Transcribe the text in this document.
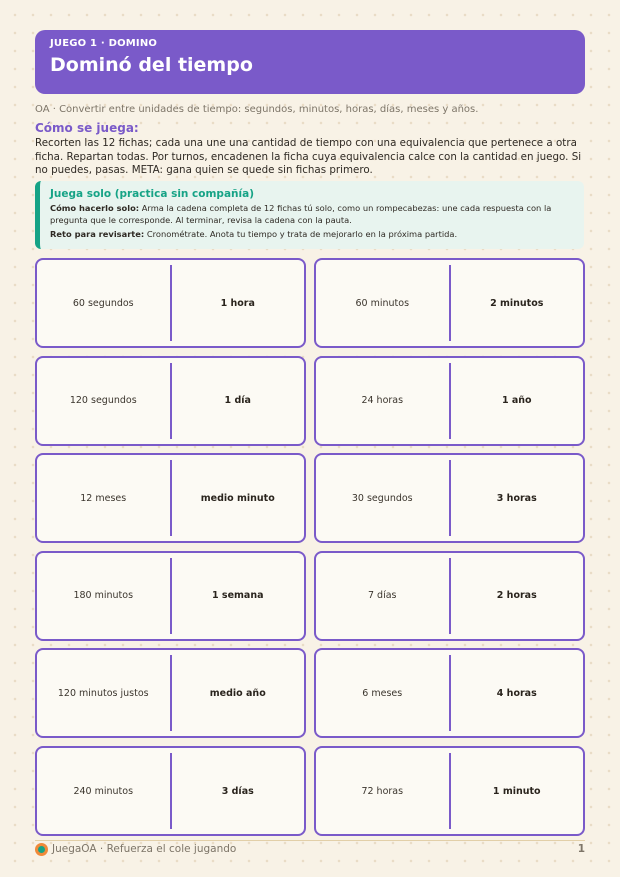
JUEGO 1 · DOMINO
Dominó del tiempo
OA · Convertir entre unidades de tiempo: segundos, minutos, horas, días, meses y años.
Cómo se juega:
Recorten las 12 fichas; cada una une una cantidad de tiempo con una equivalencia que pertenece a otra ficha. Repartan todas. Por turnos, encadenen la ficha cuya equivalencia calce con la cantidad en juego. Si no puedes, pasas. META: gana quien se quede sin fichas primero.
Juega solo (practica sin compañía)
Cómo hacerlo solo: Arma la cadena completa de 12 fichas tú solo, como un rompecabezas: une cada respuesta con la pregunta que le corresponde. Al terminar, revisa la cadena con la pauta.
Reto para revisarte: Cronométrate. Anota tu tiempo y trata de mejorarlo en la próxima partida.
60 segundos	1 hora	60 minutos	2 minutos
120 segundos	1 día	24 horas	1 año
12 meses	medio minuto	30 segundos	3 horas
180 minutos	1 semana	7 días	2 horas
120 minutos justos	medio año	6 meses	4 horas
240 minutos	3 días	72 horas	1 minuto
JuegaOA · Refuerza el cole jugando	1
